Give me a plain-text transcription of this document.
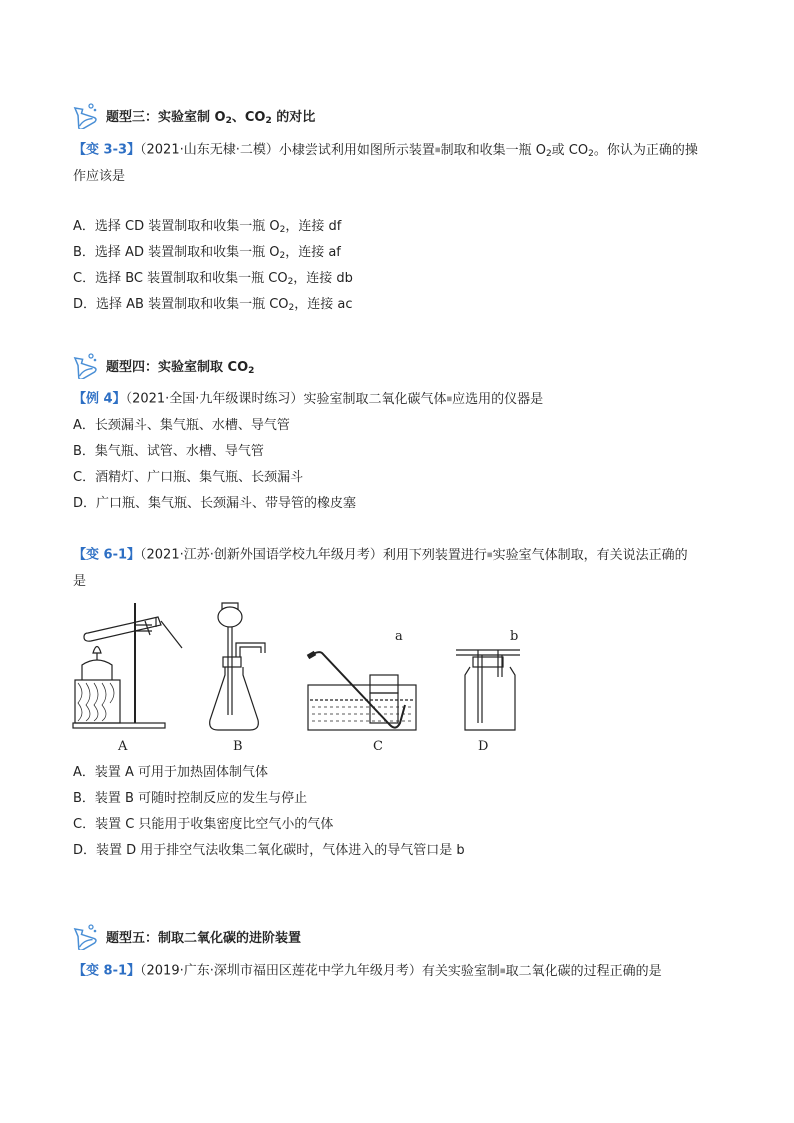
题型三：实验室制 $O_2$、$CO_2$ 的对比
【变 3-3】（2021·山东无棣·二模）小棣尝试利用如图所示装置■制取和收集一瓶 $O_2$或 $CO_2$。你认为正确的操
作应该是
A．选择 CD 装置制取和收集一瓶 $O_2$，连接 df
B．选择 AD 装置制取和收集一瓶 $O_2$，连接 af
C．选择 BC 装置制取和收集一瓶 $CO_2$，连接 db
D．选择 AB 装置制取和收集一瓶 $CO_2$，连接 ac
题型四：实验室制取 $CO_2$
【例 4】（2021·全国·九年级课时练习）实验室制取二氧化碳气体■应选用的仪器是
A．长颈漏斗、集气瓶、水槽、导气管
B．集气瓶、试管、水槽、导气管
C．酒精灯、广口瓶、集气瓶、长颈漏斗
D．广口瓶、集气瓶、长颈漏斗、带导管的橡皮塞
【变 6-1】（2021·江苏·创新外国语学校九年级月考）利用下列装置进行■实验室气体制取，有关说法正确的
是
a	b
A	B	C	D
A．装置 A 可用于加热固体制气体
B．装置 B 可随时控制反应的发生与停止
C．装置 C 只能用于收集密度比空气小的气体
D．装置 D 用于排空气法收集二氧化碳时，气体进入的导气管口是 b
题型五：制取二氧化碳的进阶装置
【变 8-1】（2019·广东·深圳市福田区莲花中学九年级月考）有关实验室制■取二氧化碳的过程正确的是
